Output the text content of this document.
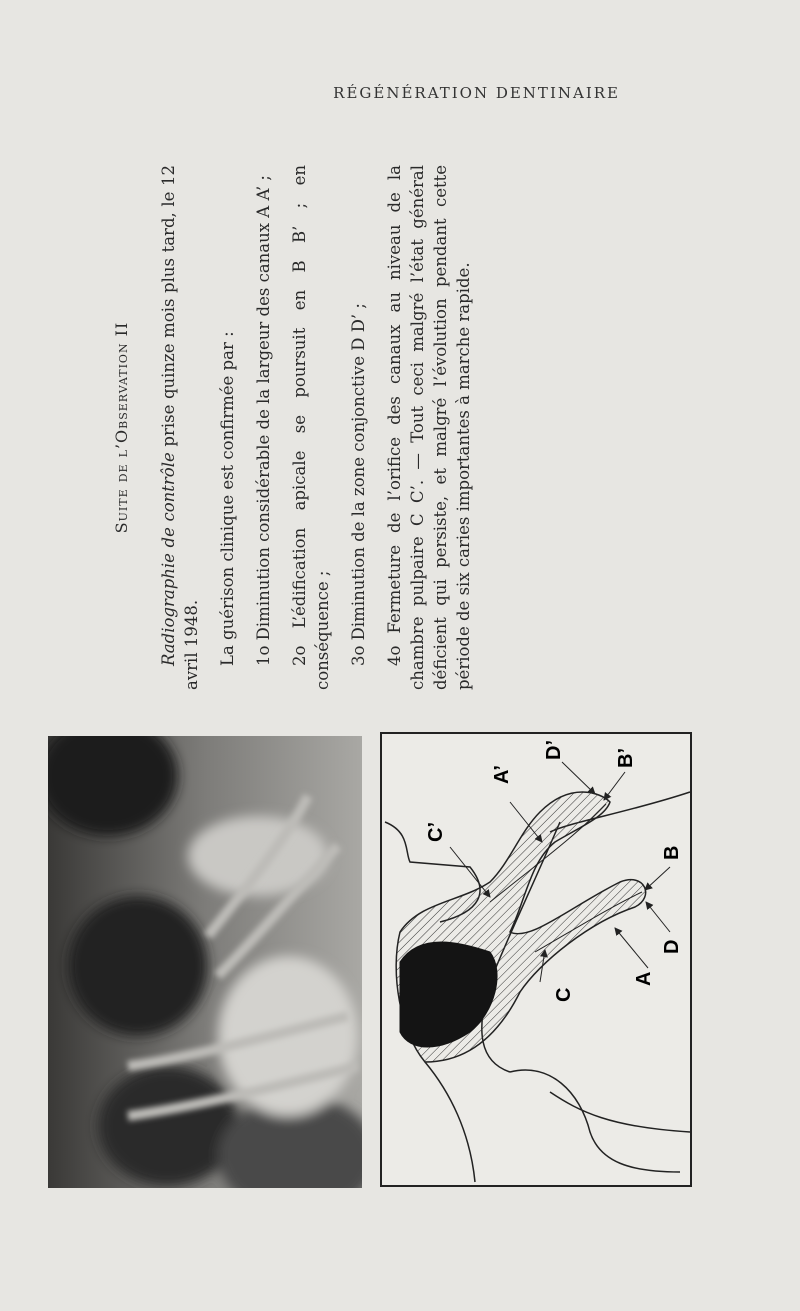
RÉGÉNÉRATION DENTINAIRE

Suite de l’Observation II

Radiographie de contrôle prise quinze mois plus tard, le 12 avril 1948. La guérison clinique est confirmée par : 1o Diminution considérable de la largeur des canaux A A’ ; 2o L’édification apicale se poursuit en B B’ ; en conséquence ; 3o Diminution de la zone conjonctive D D’ ; 4o Fermeture de l’orifice des canaux au niveau de la chambre pulpaire C C’. — Tout ceci malgré l’état général déficient qui persiste, et malgré l’évolution pendant cette période de six caries importantes à marche rapide.

C’
A’
D’	B’
B
D
A
C
